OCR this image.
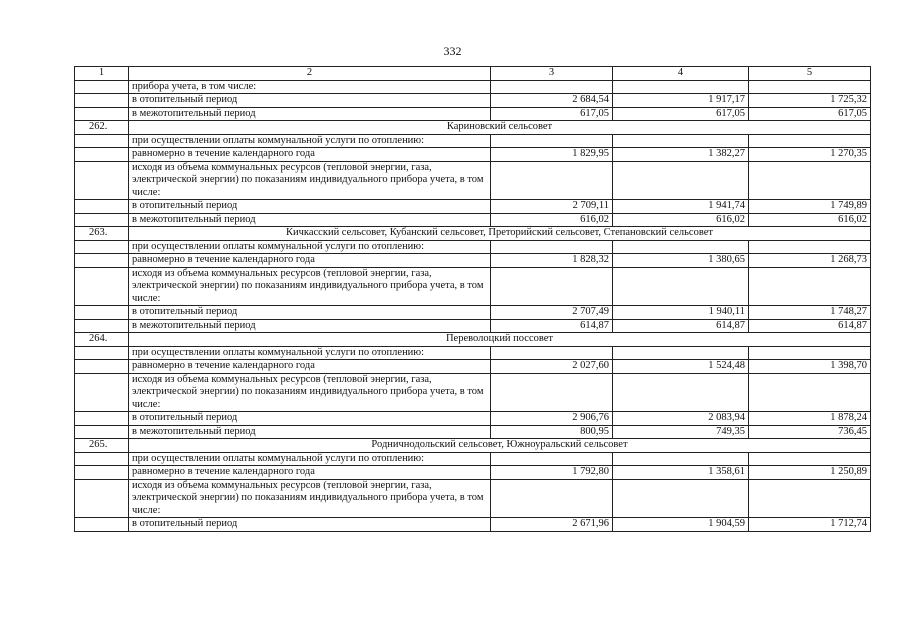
332
1	2	3	4	5
	прибора учета, в том числе:			
	в отопительный период	2 684,54	1 917,17	1 725,32
	в межотопительный период	617,05	617,05	617,05
262.	Кариновский сельсовет			
	при осуществлении оплаты коммунальной услуги по отоплению:			
	равномерно в течение календарного года	1 829,95	1 382,27	1 270,35
	исходя из объема коммунальных ресурсов (тепловой энергии, газа, электрической энергии) по показаниям индивидуального прибора учета, в том числе:			
	в отопительный период	2 709,11	1 941,74	1 749,89
	в межотопительный период	616,02	616,02	616,02
263.	Кичкасский сельсовет, Кубанский сельсовет, Преторийский сельсовет, Степановский сельсовет			
	при осуществлении оплаты коммунальной услуги по отоплению:			
	равномерно в течение календарного года	1 828,32	1 380,65	1 268,73
	исходя из объема коммунальных ресурсов (тепловой энергии, газа, электрической энергии) по показаниям индивидуального прибора учета, в том числе:			
	в отопительный период	2 707,49	1 940,11	1 748,27
	в межотопительный период	614,87	614,87	614,87
264.	Переволоцкий поссовет			
	при осуществлении оплаты коммунальной услуги по отоплению:			
	равномерно в течение календарного года	2 027,60	1 524,48	1 398,70
	исходя из объема коммунальных ресурсов (тепловой энергии, газа, электрической энергии) по показаниям индивидуального прибора учета, в том числе:			
	в отопительный период	2 906,76	2 083,94	1 878,24
	в межотопительный период	800,95	749,35	736,45
265.	Родничнодольский сельсовет, Южноуральский сельсовет			
	при осуществлении оплаты коммунальной услуги по отоплению:			
	равномерно в течение календарного года	1 792,80	1 358,61	1 250,89
	исходя из объема коммунальных ресурсов (тепловой энергии, газа, электрической энергии) по показаниям индивидуального прибора учета, в том числе:			
	в отопительный период	2 671,96	1 904,59	1 712,74
